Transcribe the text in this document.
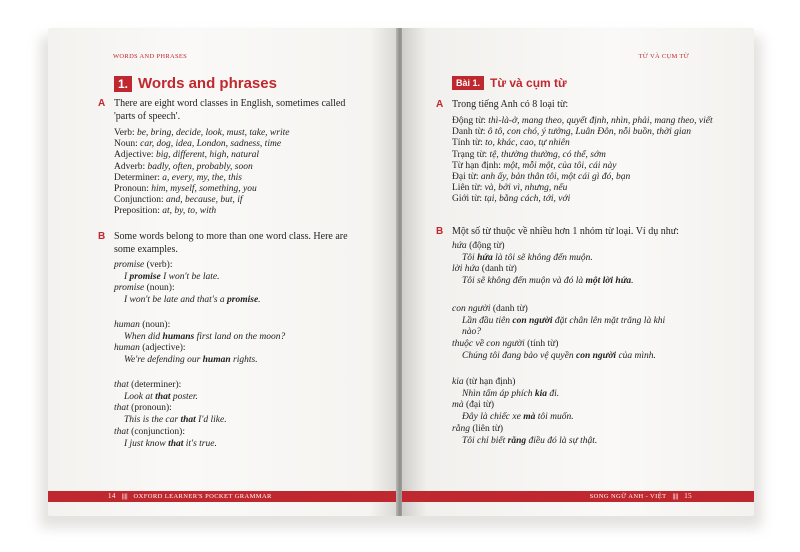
WORDS AND PHRASES
1. Words and phrases
A There are eight word classes in English, sometimes called 'parts of speech'.
Verb: be, bring, decide, look, must, take, write
Noun: car, dog, idea, London, sadness, time
Adjective: big, different, high, natural
Adverb: badly, often, probably, soon
Determiner: a, every, my, the, this
Pronoun: him, myself, something, you
Conjunction: and, because, but, if
Preposition: at, by, to, with
B Some words belong to more than one word class. Here are some examples.
promise (verb):
I promise I won't be late.
promise (noun):
I won't be late and that's a promise.
human (noun):
When did humans first land on the moon?
human (adjective):
We're defending our human rights.
that (determiner):
Look at that poster.
that (pronoun):
This is the car that I'd like.
that (conjunction):
I just know that it's true.
14 |||| OXFORD LEARNER'S POCKET GRAMMAR
TỪ VÀ CỤM TỪ
Bài 1. Từ và cụm từ
A Trong tiếng Anh có 8 loại từ:
Động từ: thì-là-ở, mang theo, quyết định, nhìn, phải, mang theo, viết
Danh từ: ô tô, con chó, ý tưởng, Luân Đôn, nỗi buồn, thời gian
Tính từ: to, khác, cao, tự nhiên
Trạng từ: tệ, thường thường, có thể, sớm
Từ hạn định: một, mỗi một, của tôi, cái này
Đại từ: anh ấy, bản thân tôi, một cái gì đó, bạn
Liên từ: và, bởi vì, nhưng, nếu
Giới từ: tại, bằng cách, tới, với
B Một số từ thuộc về nhiều hơn 1 nhóm từ loại. Ví dụ như:
hứa (động từ)
Tôi hứa là tôi sẽ không đến muộn.
lời hứa (danh từ)
Tôi sẽ không đến muộn và đó là một lời hứa.
con người (danh từ)
Lần đầu tiên con người đặt chân lên mặt trăng là khi
nào?
thuộc về con người (tính từ)
Chúng tôi đang bảo vệ quyền con người của mình.
kia (từ hạn định)
Nhìn tấm áp phích kia đi.
mà (đại từ)
Đây là chiếc xe mà tôi muốn.
rằng (liên từ)
Tôi chỉ biết rằng điều đó là sự thật.
SONG NGỮ ANH - VIỆT |||| 15
